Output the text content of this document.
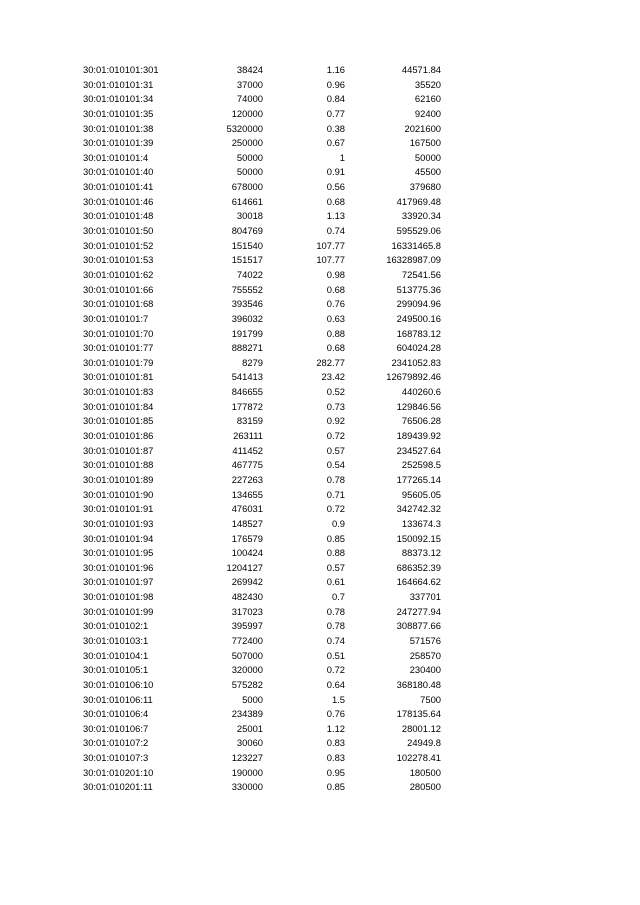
30:01:010101:301	38424	1.16	44571.84
30:01:010101:31	37000	0.96	35520
30:01:010101:34	74000	0.84	62160
30:01:010101:35	120000	0.77	92400
30:01:010101:38	5320000	0.38	2021600
30:01:010101:39	250000	0.67	167500
30:01:010101:4	50000	1	50000
30:01:010101:40	50000	0.91	45500
30:01:010101:41	678000	0.56	379680
30:01:010101:46	614661	0.68	417969.48
30:01:010101:48	30018	1.13	33920.34
30:01:010101:50	804769	0.74	595529.06
30:01:010101:52	151540	107.77	16331465.8
30:01:010101:53	151517	107.77	16328987.09
30:01:010101:62	74022	0.98	72541.56
30:01:010101:66	755552	0.68	513775.36
30:01:010101:68	393546	0.76	299094.96
30:01:010101:7	396032	0.63	249500.16
30:01:010101:70	191799	0.88	168783.12
30:01:010101:77	888271	0.68	604024.28
30:01:010101:79	8279	282.77	2341052.83
30:01:010101:81	541413	23.42	12679892.46
30:01:010101:83	846655	0.52	440260.6
30:01:010101:84	177872	0.73	129846.56
30:01:010101:85	83159	0.92	76506.28
30:01:010101:86	263111	0.72	189439.92
30:01:010101:87	411452	0.57	234527.64
30:01:010101:88	467775	0.54	252598.5
30:01:010101:89	227263	0.78	177265.14
30:01:010101:90	134655	0.71	95605.05
30:01:010101:91	476031	0.72	342742.32
30:01:010101:93	148527	0.9	133674.3
30:01:010101:94	176579	0.85	150092.15
30:01:010101:95	100424	0.88	88373.12
30:01:010101:96	1204127	0.57	686352.39
30:01:010101:97	269942	0.61	164664.62
30:01:010101:98	482430	0.7	337701
30:01:010101:99	317023	0.78	247277.94
30:01:010102:1	395997	0.78	308877.66
30:01:010103:1	772400	0.74	571576
30:01:010104:1	507000	0.51	258570
30:01:010105:1	320000	0.72	230400
30:01:010106:10	575282	0.64	368180.48
30:01:010106:11	5000	1.5	7500
30:01:010106:4	234389	0.76	178135.64
30:01:010106:7	25001	1.12	28001.12
30:01:010107:2	30060	0.83	24949.8
30:01:010107:3	123227	0.83	102278.41
30:01:010201:10	190000	0.95	180500
30:01:010201:11	330000	0.85	280500
